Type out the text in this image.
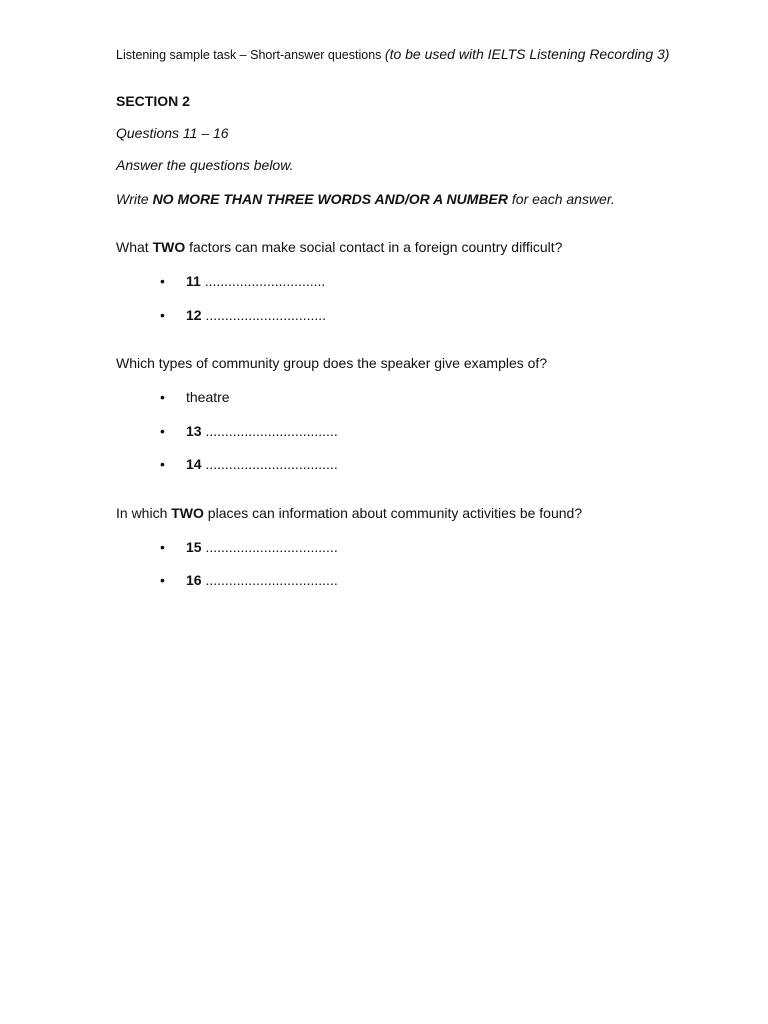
Listening sample task – Short-answer questions (to be used with IELTS Listening Recording 3)
SECTION 2
Questions 11 – 16
Answer the questions below.
Write NO MORE THAN THREE WORDS AND/OR A NUMBER for each answer.
What TWO factors can make social contact in a foreign country difficult?
• 11 ...............................
• 12 ...............................
Which types of community group does the speaker give examples of?
• theatre
• 13 ..................................
• 14 ..................................
In which TWO places can information about community activities be found?
• 15 ..................................
• 16 ..................................
